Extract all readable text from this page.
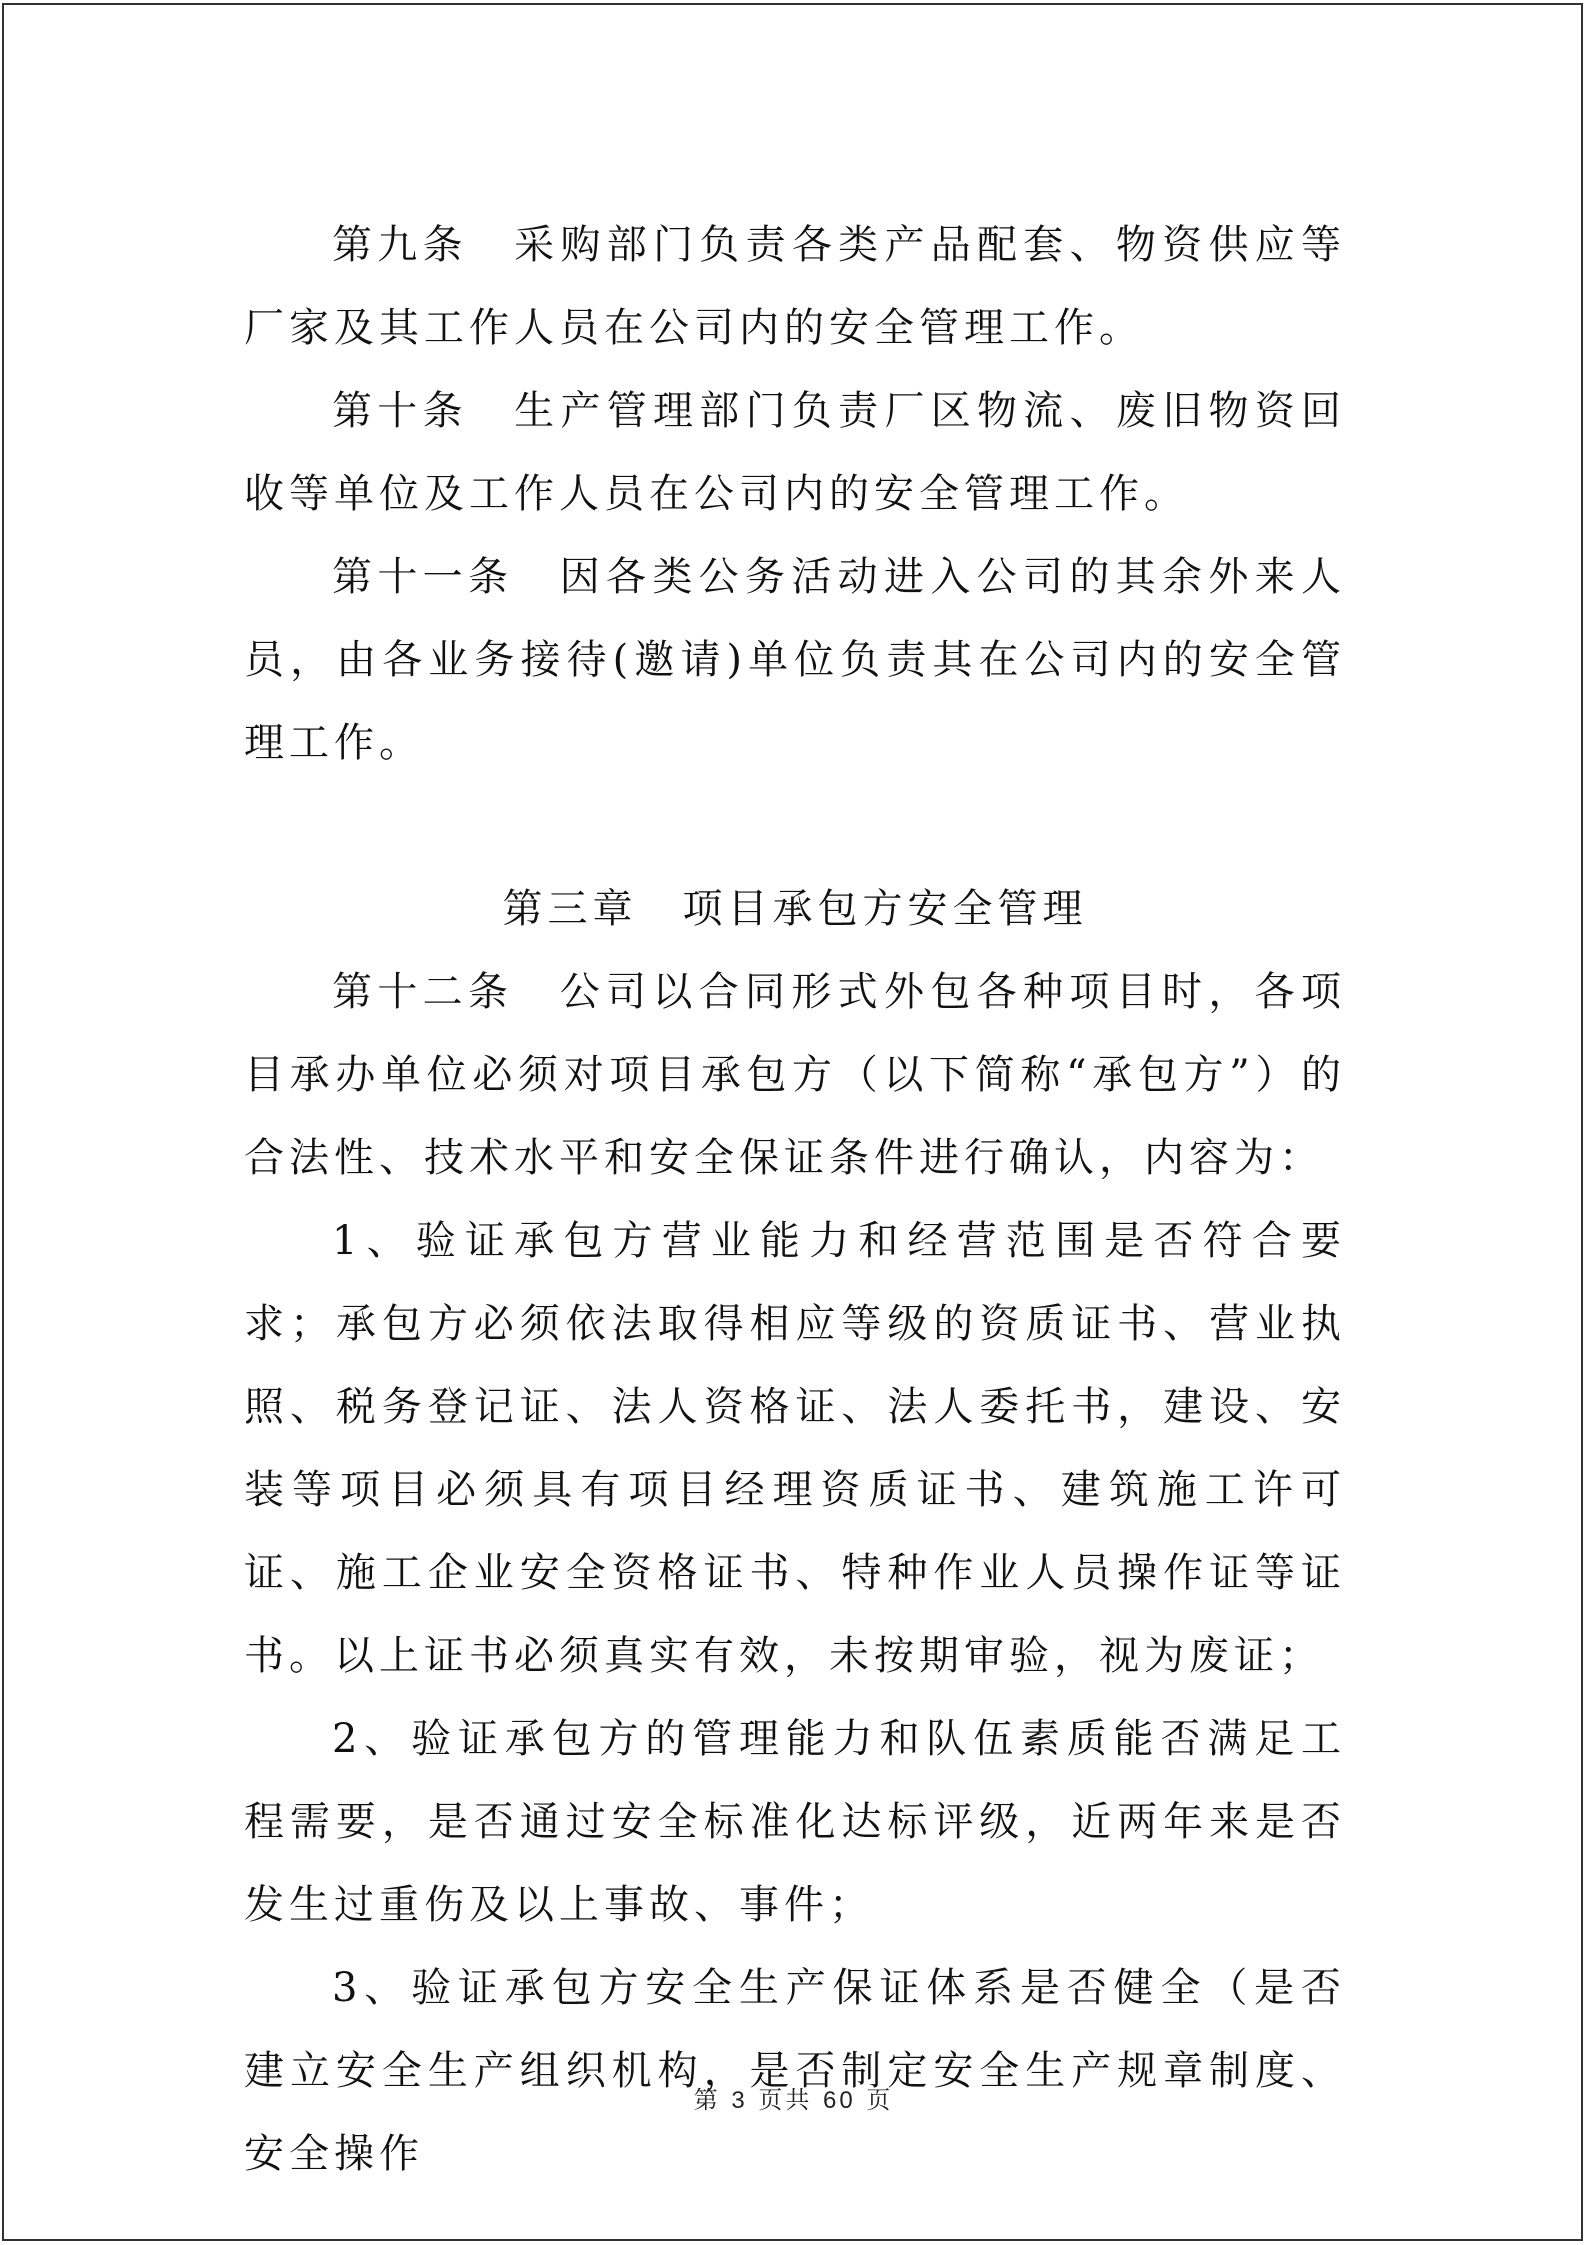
第九条　 采购部门负责各类产品配套、物资供应等厂家及其工作人员在公司内的安全管理工作。

第十条　 生产管理部门负责厂区物流、废旧物资回收等单位及工作人员在公司内的安全管理工作。

第十一条　 因各类公务活动进入公司的其余外来人员，由各业务接待(邀请)单位负责其在公司内的安全管理工作。

第三章　项目承包方安全管理

第十二条　 公司以合同形式外包各种项目时，各项目承办单位必须对项目承包方（以下简称“承包方”）的合法性、技术水平和安全保证条件进行确认，内容为：

1、验证承包方营业能力和经营范围是否符合要求；承包方必须依法取得相应等级的资质证书、营业执照、税务登记证、法人资格证、法人委托书，建设、安装等项目必须具有项目经理资质证书、建筑施工许可证、施工企业安全资格证书、特种作业人员操作证等证书。以上证书必须真实有效，未按期审验，视为废证；

2、验证承包方的管理能力和队伍素质能否满足工程需要，是否通过安全标准化达标评级，近两年来是否发生过重伤及以上事故、事件；

3、验证承包方安全生产保证体系是否健全（是否建立安全生产组织机构，是否制定安全生产规章制度、安全操作

第 3 页共 60 页
